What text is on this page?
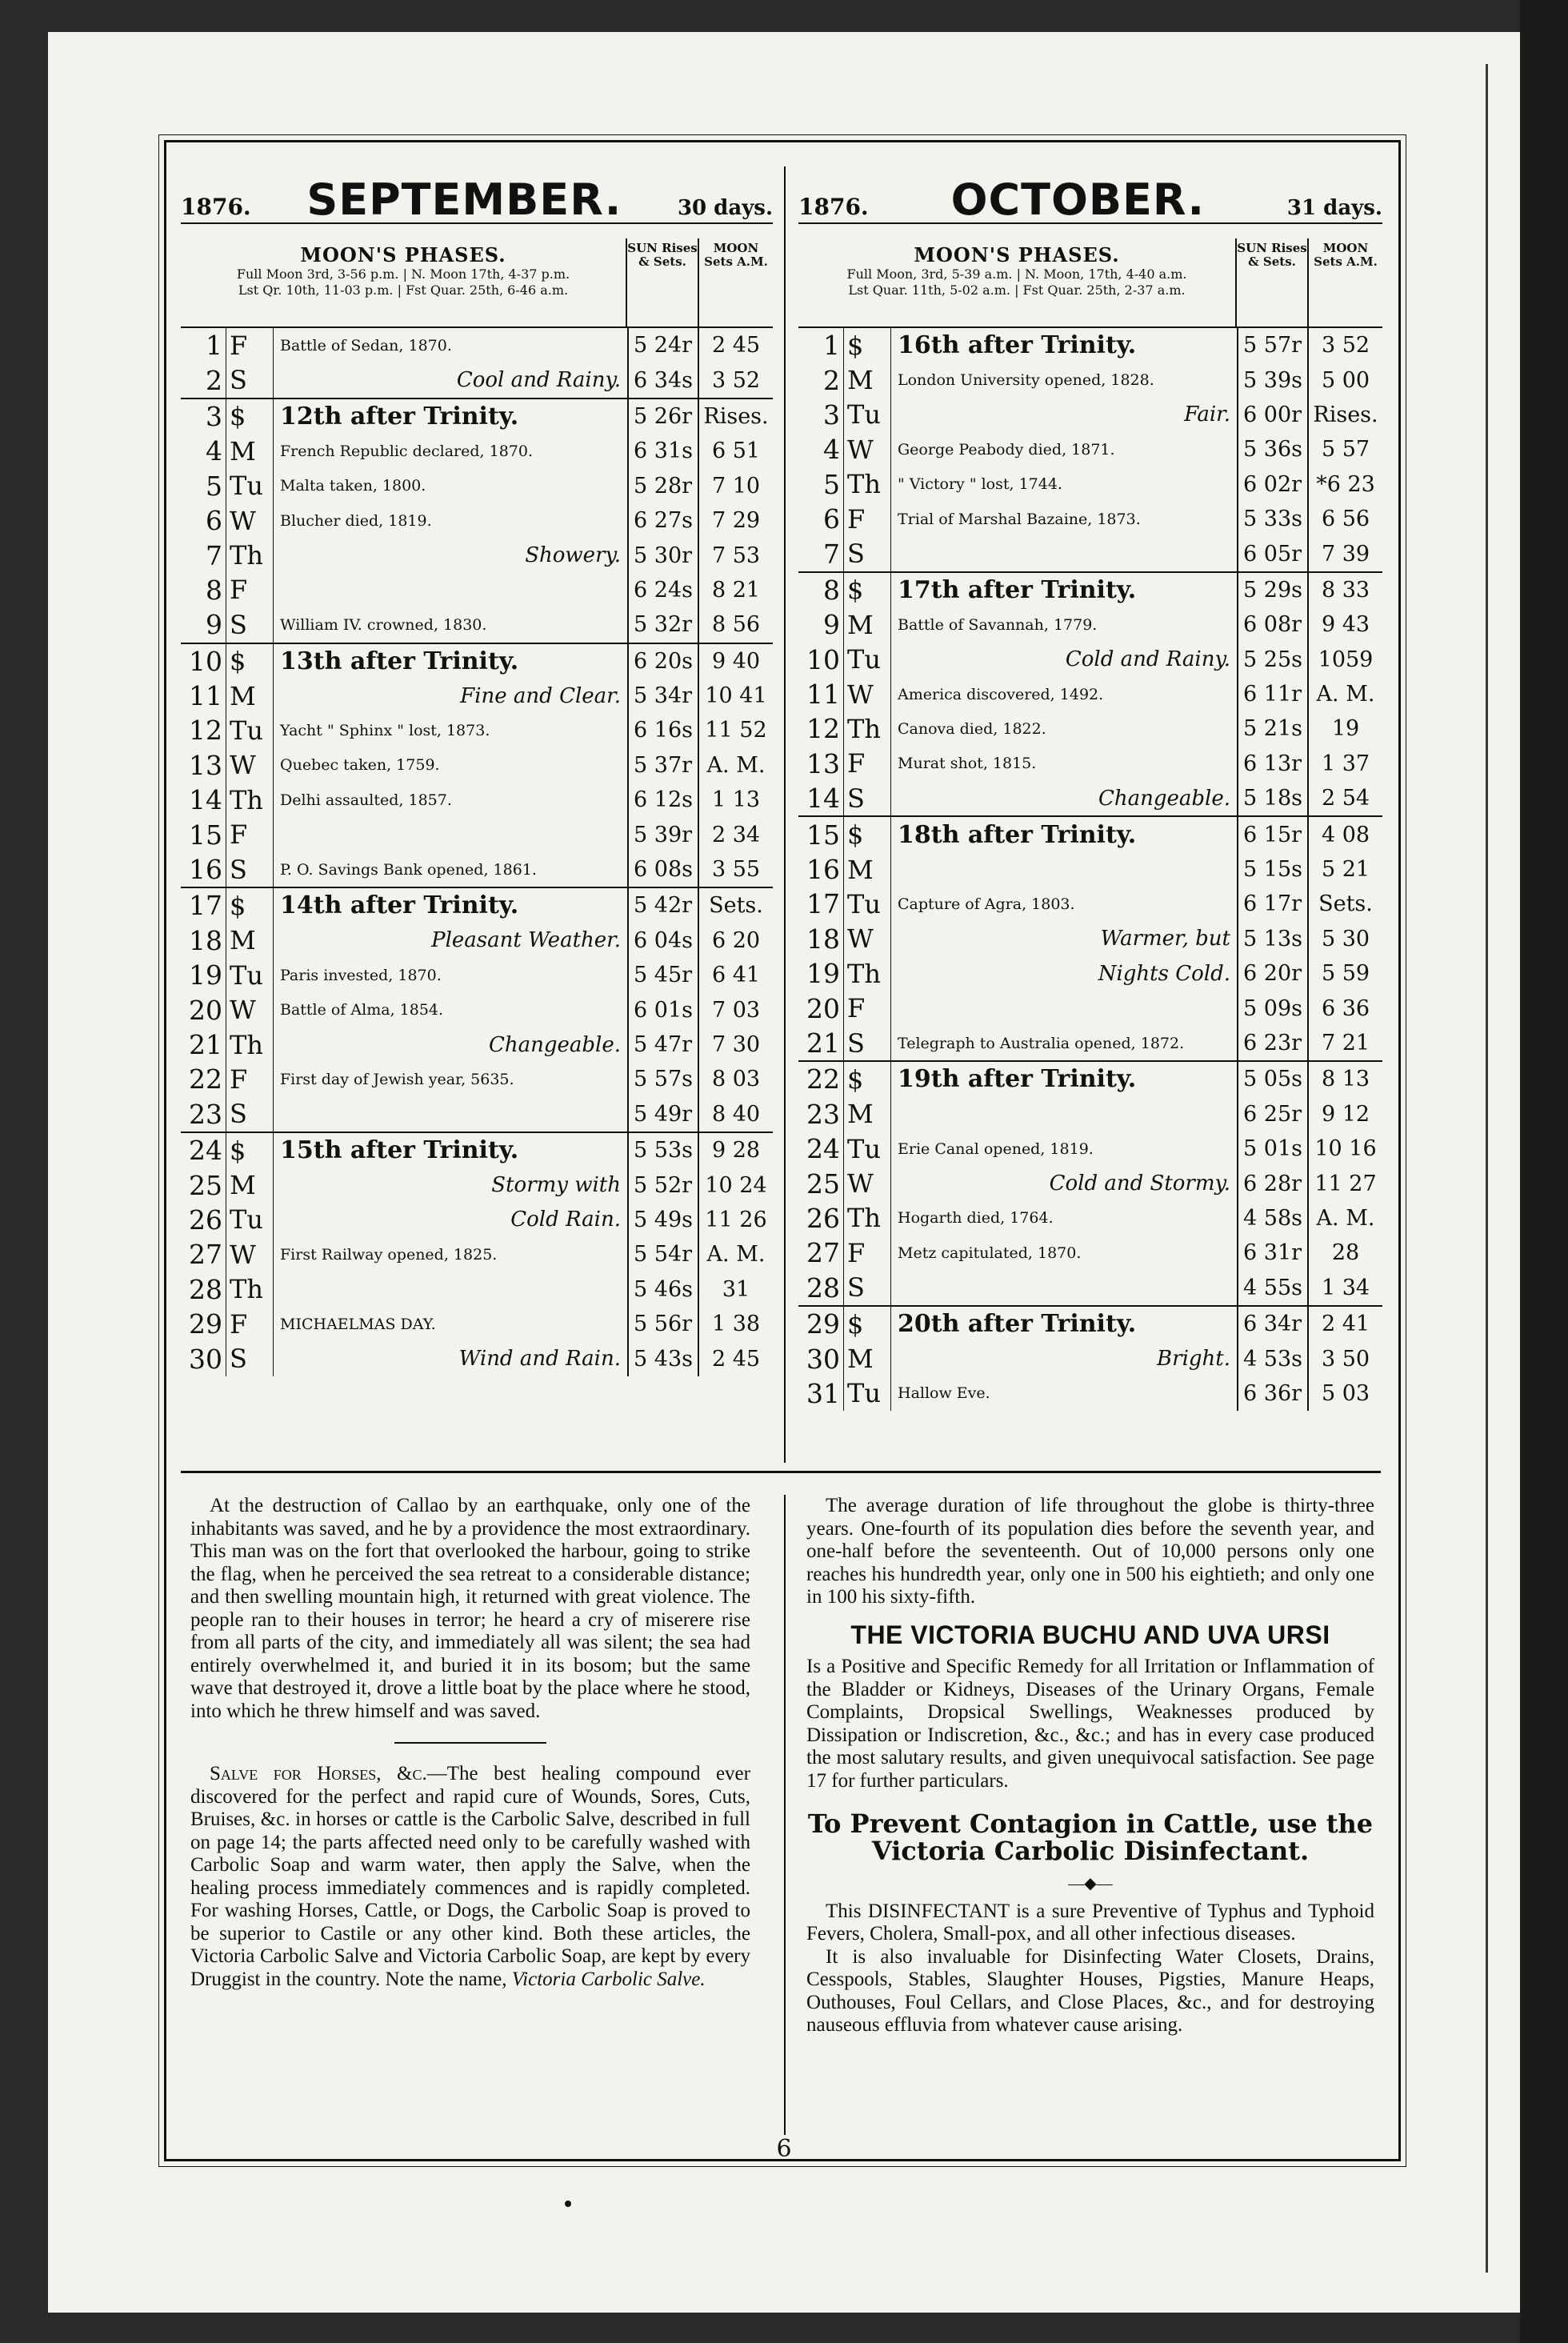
1876. SEPTEMBER.	30 days.
MOON'S PHASES.
Full Moon 3rd, 3-56 p.m. | N. Moon 17th, 4-37 p.m.
Lst Qr. 10th, 11-03 p.m. | Fst Quar. 25th, 6-46 a.m.
SUN Rises & Sets.
MOON Sets A.M.
1 F	Battle of Sedan, 1870.	5 24r 2 45
2 S	Cool and Rainy. 6 34s 3 52
3 $	12th after Trinity.	5 26r Rises.
4 M	French Republic declared, 1870.	6 31s 6 51
5 Tu	Malta taken, 1800.	5 28r 7 10
6 W	Blucher died, 1819.	6 27s 7 29
7 Th	Showery. 5 30r 7 53
8 F	6 24s 8 21
9 S	William IV. crowned, 1830.	5 32r 8 56
10 $	13th after Trinity.	6 20s 9 40
11 M	Fine and Clear. 5 34r 10 41
12 Tu	Yacht " Sphinx " lost, 1873.	6 16s 11 52
13 W	Quebec taken, 1759.	5 37r A. M.
14 Th	Delhi assaulted, 1857.	6 12s 1 13
15 F	5 39r 2 34
16 S	P. O. Savings Bank opened, 1861.	6 08s 3 55
17 $	14th after Trinity.	5 42r Sets.
18 M	Pleasant Weather. 6 04s 6 20
19 Tu	Paris invested, 1870.	5 45r 6 41
20 W	Battle of Alma, 1854.	6 01s 7 03
21 Th	Changeable. 5 47r 7 30
22 F	First day of Jewish year, 5635.	5 57s 8 03
23 S	5 49r 8 40
24 $	15th after Trinity.	5 53s 9 28
25 M	Stormy with 5 52r 10 24
26 Tu	Cold Rain. 5 49s 11 26
27 W	First Railway opened, 1825.	5 54r A. M.
28 Th	5 46s	31
29 F	MICHAELMAS DAY.	5 56r 1 38
30 S	Wind and Rain. 5 43s 2 45
1876. OCTOBER.	31 days.
MOON'S PHASES.
Full Moon, 3rd, 5-39 a.m. | N. Moon, 17th, 4-40 a.m.
Lst Quar. 11th, 5-02 a.m. | Fst Quar. 25th, 2-37 a.m.
SUN Rises & Sets.
MOON Sets A.M.
1 $	16th after Trinity.	5 57r 3 52
2 M	London University opened, 1828.	5 39s 5 00
3 Tu	Fair. 6 00r Rises.
4 W	George Peabody died, 1871.	5 36s 5 57
5 Th	" Victory " lost, 1744.	6 02r *6 23
6 F	Trial of Marshal Bazaine, 1873.	5 33s 6 56
7 S	6 05r 7 39
8 $	17th after Trinity.	5 29s 8 33
9 M	Battle of Savannah, 1779.	6 08r 9 43
10 Tu	Cold and Rainy. 5 25s 1059
11 W	America discovered, 1492.	6 11r A. M.
12 Th	Canova died, 1822.	5 21s	19
13 F	Murat shot, 1815.	6 13r 1 37
14 S	Changeable. 5 18s 2 54
15 $	18th after Trinity.	6 15r 4 08
16 M	5 15s 5 21
17 Tu	Capture of Agra, 1803.	6 17r Sets.
18 W	Warmer, but 5 13s 5 30
19 Th	Nights Cold. 6 20r 5 59
20 F	5 09s 6 36
21 S	Telegraph to Australia opened, 1872.	6 23r 7 21
22 $	19th after Trinity.	5 05s 8 13
23 M	6 25r 9 12
24 Tu	Erie Canal opened, 1819.	5 01s 10 16
25 W	Cold and Stormy. 6 28r 11 27
26 Th	Hogarth died, 1764.	4 58s A. M.
27 F	Metz capitulated, 1870.	6 31r	28
28 S	4 55s 1 34
29 $	20th after Trinity.	6 34r 2 41
30 M	Bright. 4 53s 3 50
31 Tu	Hallow Eve.	6 36r 5 03

At the destruction of Callao by an earthquake, only one of the inhabitants was saved, and he by a providence the most extraordinary. This man was on the fort that overlooked the harbour, going to strike the flag, when he perceived the sea retreat to a considerable distance; and then swelling mountain high, it returned with great violence. The people ran to their houses in terror; he heard a cry of miserere rise from all parts of the city, and immediately all was silent; the sea had entirely overwhelmed it, and buried it in its bosom; but the same wave that destroyed it, drove a little boat by the place where he stood, into which he threw himself and was saved.

Salve for Horses, &c.—The best healing compound ever discovered for the perfect and rapid cure of Wounds, Sores, Cuts, Bruises, &c. in horses or cattle is the Carbolic Salve, described in full on page 14; the parts affected need only to be carefully washed with Carbolic Soap and warm water, then apply the Salve, when the healing process immediately commences and is rapidly completed. For washing Horses, Cattle, or Dogs, the Carbolic Soap is proved to be superior to Castile or any other kind. Both these articles, the Victoria Carbolic Salve and Victoria Carbolic Soap, are kept by every Druggist in the country. Note the name, Victoria Carbolic Salve.

The average duration of life throughout the globe is thirty-three years. One-fourth of its population dies before the seventh year, and one-half before the seventeenth. Out of 10,000 persons only one reaches his hundredth year, only one in 500 his eightieth; and only one in 100 his sixty-fifth.

THE VICTORIA BUCHU AND UVA URSI

Is a Positive and Specific Remedy for all Irritation or Inflammation of the Bladder or Kidneys, Diseases of the Urinary Organs, Female Complaints, Dropsical Swellings, Weaknesses produced by Dissipation or Indiscretion, &c., &c.; and has in every case produced the most salutary results, and given unequivocal satisfaction. See page 17 for further particulars.

To Prevent Contagion in Cattle, use the Victoria Carbolic Disinfectant.
—◆—

This DISINFECTANT is a sure Preventive of Typhus and Typhoid Fevers, Cholera, Small-pox, and all other infectious diseases.

It is also invaluable for Disinfecting Water Closets, Drains, Cesspools, Stables, Slaughter Houses, Pigsties, Manure Heaps, Outhouses, Foul Cellars, and Close Places, &c., and for destroying nauseous effluvia from whatever cause arising.

6
